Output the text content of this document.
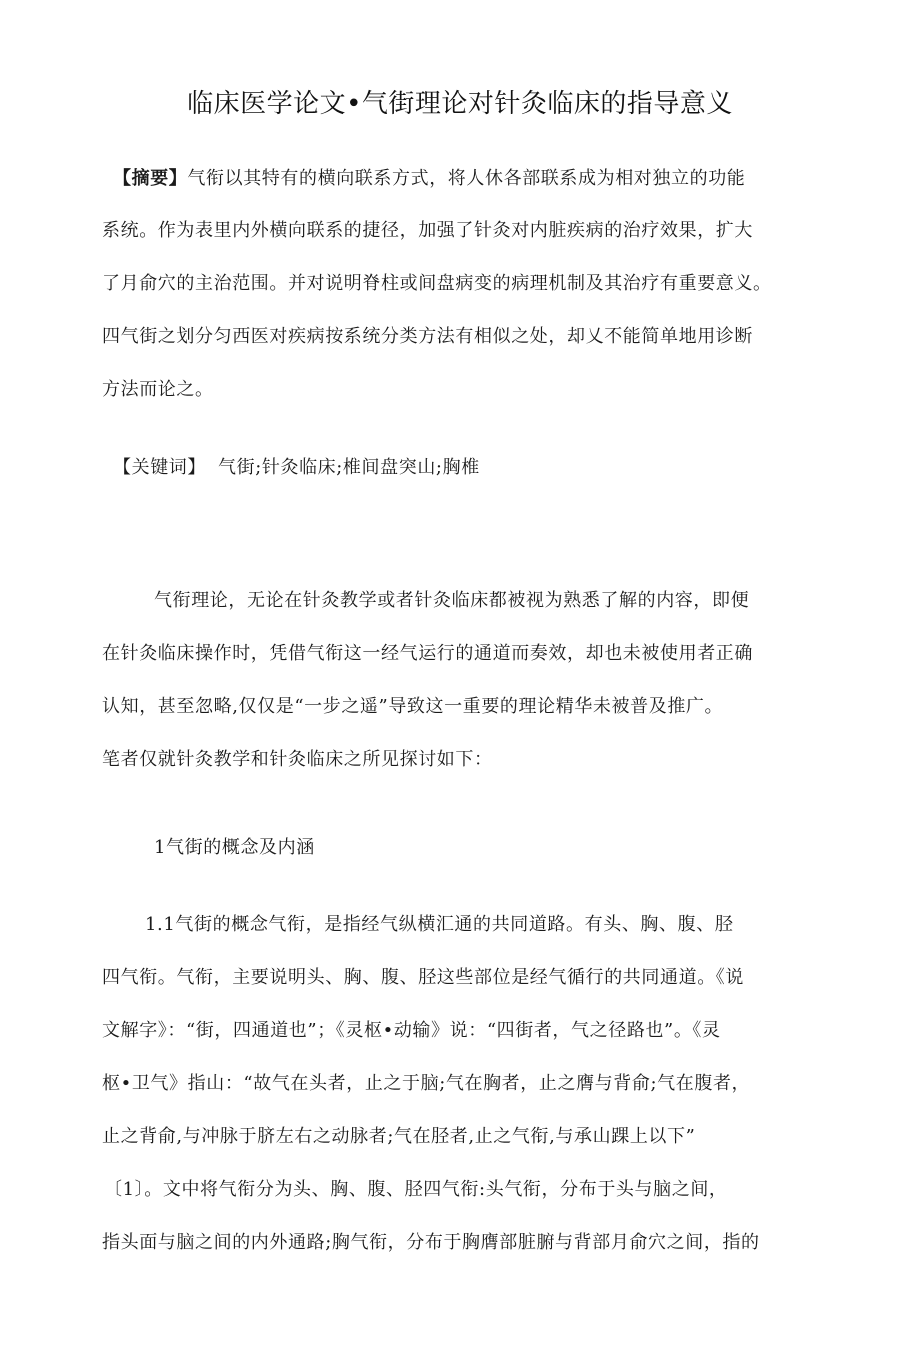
临床医学论文•气街理论对针灸临床的指导意义
【摘要】气衔以其特有的横向联系方式，将人休各部联系成为相对独立的功能
系统。作为表里内外横向联系的捷径，加强了针灸对内脏疾病的治疗效果，扩大
了月俞穴的主治范围。并对说明脊柱或间盘病变的病理机制及其治疗有重要意义。
四气街之划分匀西医对疾病按系统分类方法有相似之处，却乂不能简单地用诊断
方法而论之。
【关键词】 气街;针灸临床;椎间盘突山;胸椎
气衔理论，无论在针灸教学或者针灸临床都被视为熟悉了解的内容，即便
在针灸临床操作时，凭借气衔这一经气运行的通道而奏效，却也未被使用者正确
认知，甚至忽略,仅仅是“一步之遥”导致这一重要的理论精华未被普及推广。
笔者仅就针灸教学和针灸临床之所见探讨如下：
1气街的概念及内涵
1.1气街的概念气衔，是指经气纵横汇通的共同道路。有头、胸、腹、胫
四气衔。气衔，主要说明头、胸、腹、胫这些部位是经气循行的共同通道。《说
文解字》：“街，四通道也”；《灵枢•动输》说：“四街者，气之径路也”。《灵
枢•卫气》指山：“故气在头者，止之于脑;气在胸者，止之膺与背俞;气在腹者，
止之背俞,与冲脉于脐左右之动脉者;气在胫者,止之气衔,与承山踝上以下”
〔1〕。文中将气衔分为头、胸、腹、胫四气衔:头气衔，分布于头与脑之间，
指头面与脑之间的内外通路;胸气衔，分布于胸膺部脏腑与背部月俞穴之间，指的
